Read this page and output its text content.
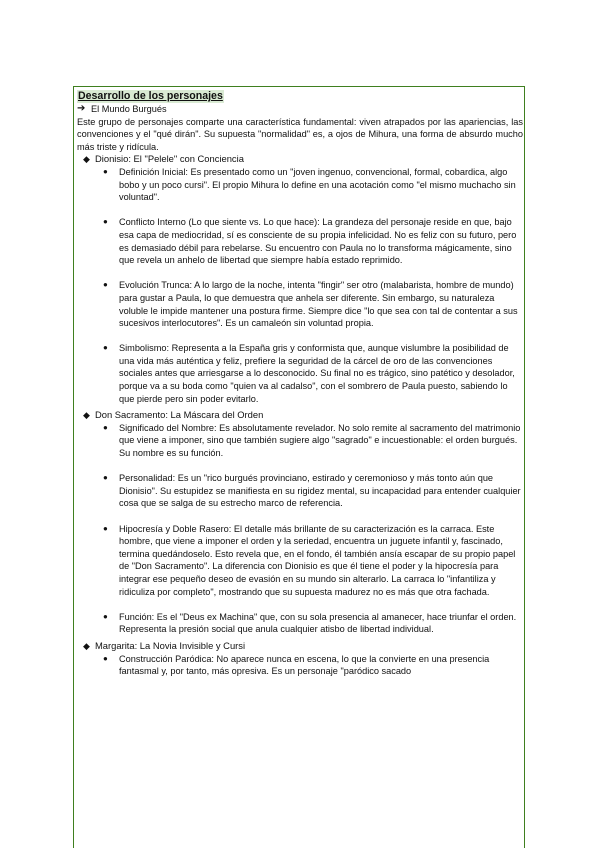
Desarrollo de los personajes
➔ El Mundo Burgués

Este grupo de personajes comparte una característica fundamental: viven atrapados por las apariencias, las convenciones y el "qué dirán". Su supuesta "normalidad" es, a ojos de Mihura, una forma de absurdo mucho más triste y ridícula.

◆ Dionisio: El "Pelele" con Conciencia
●	Definición Inicial: Es presentado como un "joven ingenuo, convencional, formal, cobardica, algo bobo y un poco cursi". El propio Mihura lo define en una acotación como "el mismo muchacho sin voluntad".
●	Conflicto Interno (Lo que siente vs. Lo que hace): La grandeza del personaje reside en que, bajo esa capa de mediocridad, sí es consciente de su propia infelicidad. No es feliz con su futuro, pero es demasiado débil para rebelarse. Su encuentro con Paula no lo transforma mágicamente, sino que revela un anhelo de libertad que siempre había estado reprimido.
●	Evolución Trunca: A lo largo de la noche, intenta "fingir" ser otro (malabarista, hombre de mundo) para gustar a Paula, lo que demuestra que anhela ser diferente. Sin embargo, su naturaleza voluble le impide mantener una postura firme. Siempre dice "lo que sea con tal de contentar a sus sucesivos interlocutores". Es un camaleón sin voluntad propia.
●	Simbolismo: Representa a la España gris y conformista que, aunque vislumbre la posibilidad de una vida más auténtica y feliz, prefiere la seguridad de la cárcel de oro de las convenciones sociales antes que arriesgarse a lo desconocido. Su final no es trágico, sino patético y desolador, porque va a su boda como "quien va al cadalso", con el sombrero de Paula puesto, sabiendo lo que pierde pero sin poder evitarlo.
◆ Don Sacramento: La Máscara del Orden
●	Significado del Nombre: Es absolutamente revelador. No solo remite al sacramento del matrimonio que viene a imponer, sino que también sugiere algo "sagrado" e incuestionable: el orden burgués. Su nombre es su función.
●	Personalidad: Es un "rico burgués provinciano, estirado y ceremonioso y más tonto aún que Dionisio". Su estupidez se manifiesta en su rigidez mental, su incapacidad para entender cualquier cosa que se salga de su estrecho marco de referencia.
●	Hipocresía y Doble Rasero: El detalle más brillante de su caracterización es la carraca. Este hombre, que viene a imponer el orden y la seriedad, encuentra un juguete infantil y, fascinado, termina quedándoselo. Esto revela que, en el fondo, él también ansía escapar de su propio papel de "Don Sacramento". La diferencia con Dionisio es que él tiene el poder y la hipocresía para integrar ese pequeño deseo de evasión en su mundo sin alterarlo. La carraca lo "infantiliza y ridiculiza por completo", mostrando que su supuesta madurez no es más que otra fachada.
●	Función: Es el "Deus ex Machina" que, con su sola presencia al amanecer, hace triunfar el orden. Representa la presión social que anula cualquier atisbo de libertad individual.
◆ Margarita: La Novia Invisible y Cursi
●	Construcción Paródica: No aparece nunca en escena, lo que la convierte en una presencia fantasmal y, por tanto, más opresiva. Es un personaje "paródico sacado
